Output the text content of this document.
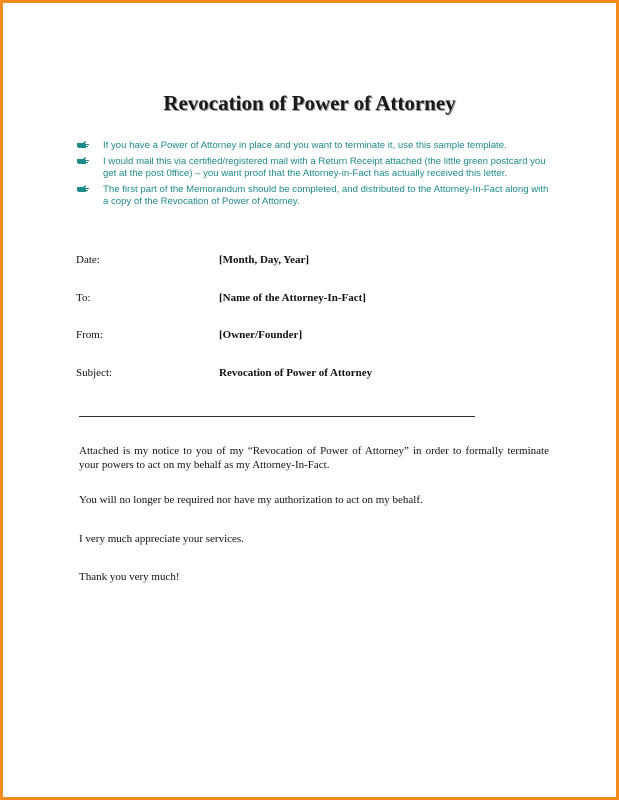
Revocation of Power of Attorney
If you have a Power of Attorney in place and you want to terminate it, use this sample template.
I would mail this via certified/registered mail with a Return Receipt attached (the little green postcard you get at the post 0ffice) – you want proof that the Attorney-in-Fact has actually received this letter.
The first part of the Memorandum should be completed, and distributed to the Attorney-In-Fact along with a copy of the Revocation of Power of Attorney.
Date:	[Month, Day, Year]
To:	[Name of the Attorney-In-Fact]
From:	[Owner/Founder]
Subject:	Revocation of Power of Attorney
Attached is my notice to you of my “Revocation of Power of Attorney” in order to formally terminate your powers to act on my behalf as my Attorney-In-Fact.
You will no longer be required nor have my authorization to act on my behalf.
I very much appreciate your services.
Thank you very much!
